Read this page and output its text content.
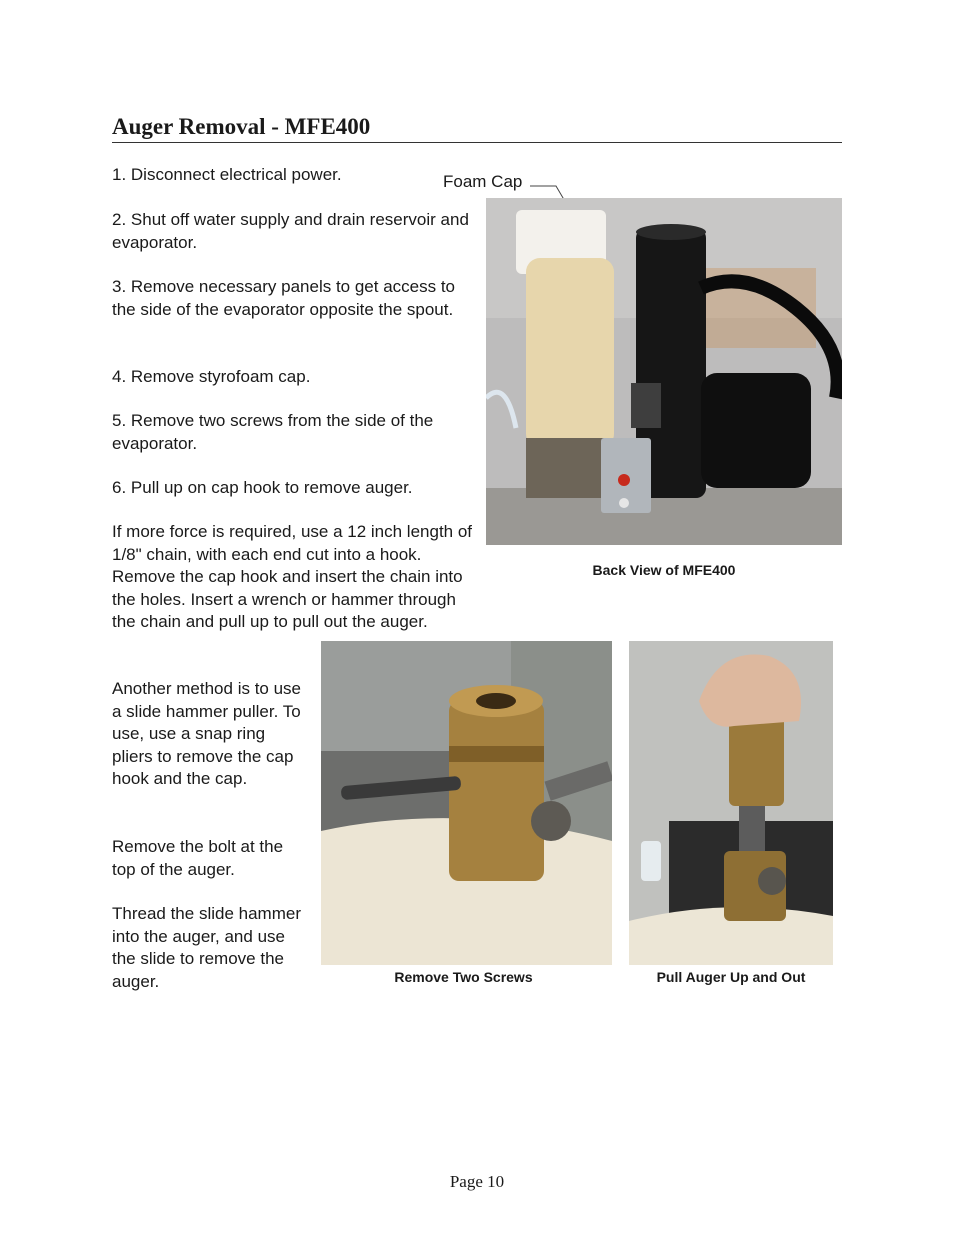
Auger Removal - MFE400

1. Disconnect electrical power.

2. Shut off water supply and drain reservoir and evaporator.

3. Remove necessary panels to get access to the side of the evaporator opposite the spout.

4. Remove styrofoam cap.

5. Remove two screws from the side of the evaporator.

6. Pull up on cap hook to remove auger.

If more force is required, use a 12 inch length of 1/8" chain, with each end cut into a hook. Remove the cap hook and insert the chain into the holes. Insert a wrench or hammer through the chain and pull up to pull out the auger.

Another method is to use a slide hammer puller. To use, use a snap ring pliers to remove the cap hook and the cap.

Remove the bolt at the top of the auger.

Thread the slide hammer into the auger, and use the slide to remove the auger.

Foam Cap
Back View of MFE400
Remove Two Screws	Pull Auger Up and Out
Page 10
